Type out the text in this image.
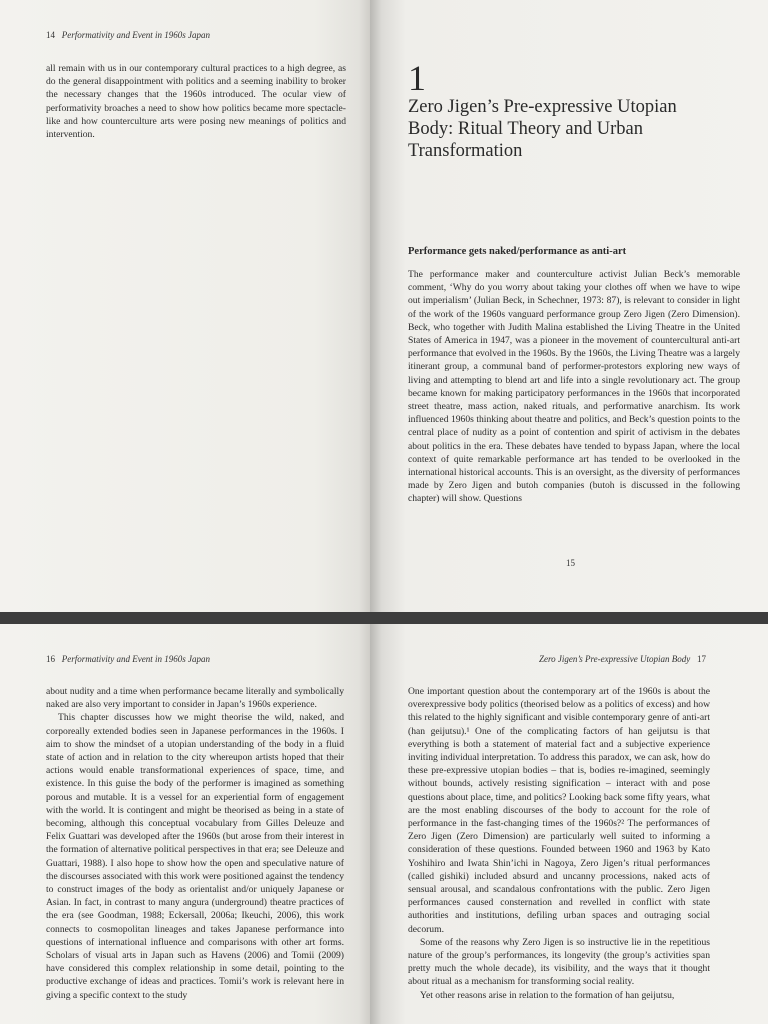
14 Performativity and Event in 1960s Japan

all remain with us in our contemporary cultural practices to a high degree, as do the general disappointment with politics and a seeming inability to broker the necessary changes that the 1960s introduced. The ocular view of performativity broaches a need to show how politics became more spectacle-like and how counterculture arts were posing new meanings of politics and intervention.

1
Zero Jigen’s Pre-expressive Utopian Body: Ritual Theory and Urban Transformation
Performance gets naked/performance as anti-art

The performance maker and counterculture activist Julian Beck’s memorable comment, ‘Why do you worry about taking your clothes off when we have to wipe out imperialism’ (Julian Beck, in Schechner, 1973: 87), is relevant to consider in light of the work of the 1960s vanguard performance group Zero Jigen (Zero Dimension). Beck, who together with Judith Malina established the Living Theatre in the United States of America in 1947, was a pioneer in the movement of countercultural anti-art performance that evolved in the 1960s. By the 1960s, the Living Theatre was a largely itinerant group, a communal band of performer-protestors exploring new ways of living and attempting to blend art and life into a single revolutionary act. The group became known for making participatory performances in the 1960s that incorporated street theatre, mass action, naked rituals, and performative anarchism. Its work influenced 1960s thinking about theatre and politics, and Beck’s question points to the central place of nudity as a point of contention and spirit of activism in the debates about politics in the era. These debates have tended to bypass Japan, where the local context of quite remarkable performance art has tended to be overlooked in the international historical accounts. This is an oversight, as the diversity of performances made by Zero Jigen and butoh companies (butoh is discussed in the following chapter) will show. Questions

15
16 Performativity and Event in 1960s Japan

about nudity and a time when performance became literally and symbolically naked are also very important to consider in Japan’s 1960s experience.

This chapter discusses how we might theorise the wild, naked, and corporeally extended bodies seen in Japanese performances in the 1960s. I aim to show the mindset of a utopian understanding of the body in a fluid state of action and in relation to the city whereupon artists hoped that their actions would enable transformational experiences of space, time, and existence. In this guise the body of the performer is imagined as something porous and mutable. It is a vessel for an experiential form of engagement with the world. It is contingent and might be theorised as being in a state of becoming, although this conceptual vocabulary from Gilles Deleuze and Felix Guattari was developed after the 1960s (but arose from their interest in the formation of alternative political perspectives in that era; see Deleuze and Guattari, 1988). I also hope to show how the open and speculative nature of the discourses associated with this work were positioned against the tendency to construct images of the body as orientalist and/or uniquely Japanese or Asian. In fact, in contrast to many angura (underground) theatre practices of the era (see Goodman, 1988; Eckersall, 2006a; Ikeuchi, 2006), this work connects to cosmopolitan lineages and takes Japanese performance into questions of international influence and comparisons with other art forms. Scholars of visual arts in Japan such as Havens (2006) and Tomii (2009) have considered this complex relationship in some detail, pointing to the productive exchange of ideas and practices. Tomii’s work is relevant here in giving a specific context to the study

Zero Jigen’s Pre-expressive Utopian Body 17

One important question about the contemporary art of the 1960s is about the overexpressive body politics (theorised below as a politics of excess) and how this related to the highly significant and visible contemporary genre of anti-art (han geijutsu).¹ One of the complicating factors of han geijutsu is that everything is both a statement of material fact and a subjective experience inviting individual interpretation. To address this paradox, we can ask, how do these pre-expressive utopian bodies – that is, bodies re-imagined, seemingly without bounds, actively resisting signification – interact with and pose questions about place, time, and politics? Looking back some fifty years, what are the most enabling discourses of the body to account for the role of performance in the fast-changing times of the 1960s?² The performances of Zero Jigen (Zero Dimension) are particularly well suited to informing a consideration of these questions. Founded between 1960 and 1963 by Kato Yoshihiro and Iwata Shin’ichi in Nagoya, Zero Jigen’s ritual performances (called gishiki) included absurd and uncanny processions, naked acts of sensual arousal, and scandalous confrontations with the public. Zero Jigen performances caused consternation and revelled in conflict with state authorities and institutions, defiling urban spaces and outraging social decorum.

Some of the reasons why Zero Jigen is so instructive lie in the repetitious nature of the group’s performances, its longevity (the group’s activities span pretty much the whole decade), its visibility, and the ways that it thought about ritual as a mechanism for transforming social reality.

Yet other reasons arise in relation to the formation of han geijutsu,
